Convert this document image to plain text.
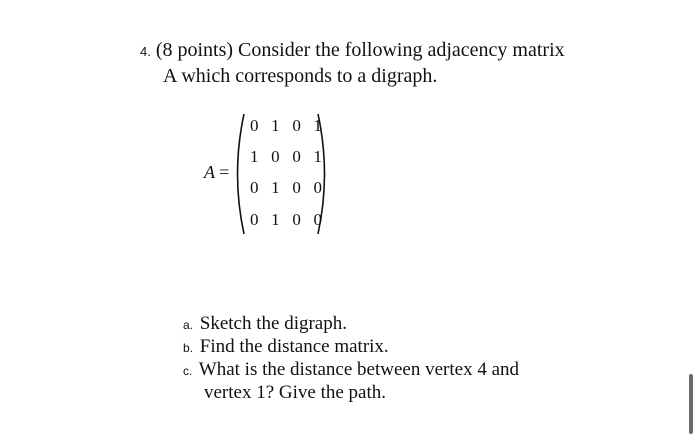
4. (8 points) Consider the following adjacency matrix
A which corresponds to a digraph.
A =
0 1 0 1
1 0 0 1
0 1 0 0
0 1 0 0
a. Sketch the digraph.
b. Find the distance matrix.
c. What is the distance between vertex 4 and
vertex 1? Give the path.
